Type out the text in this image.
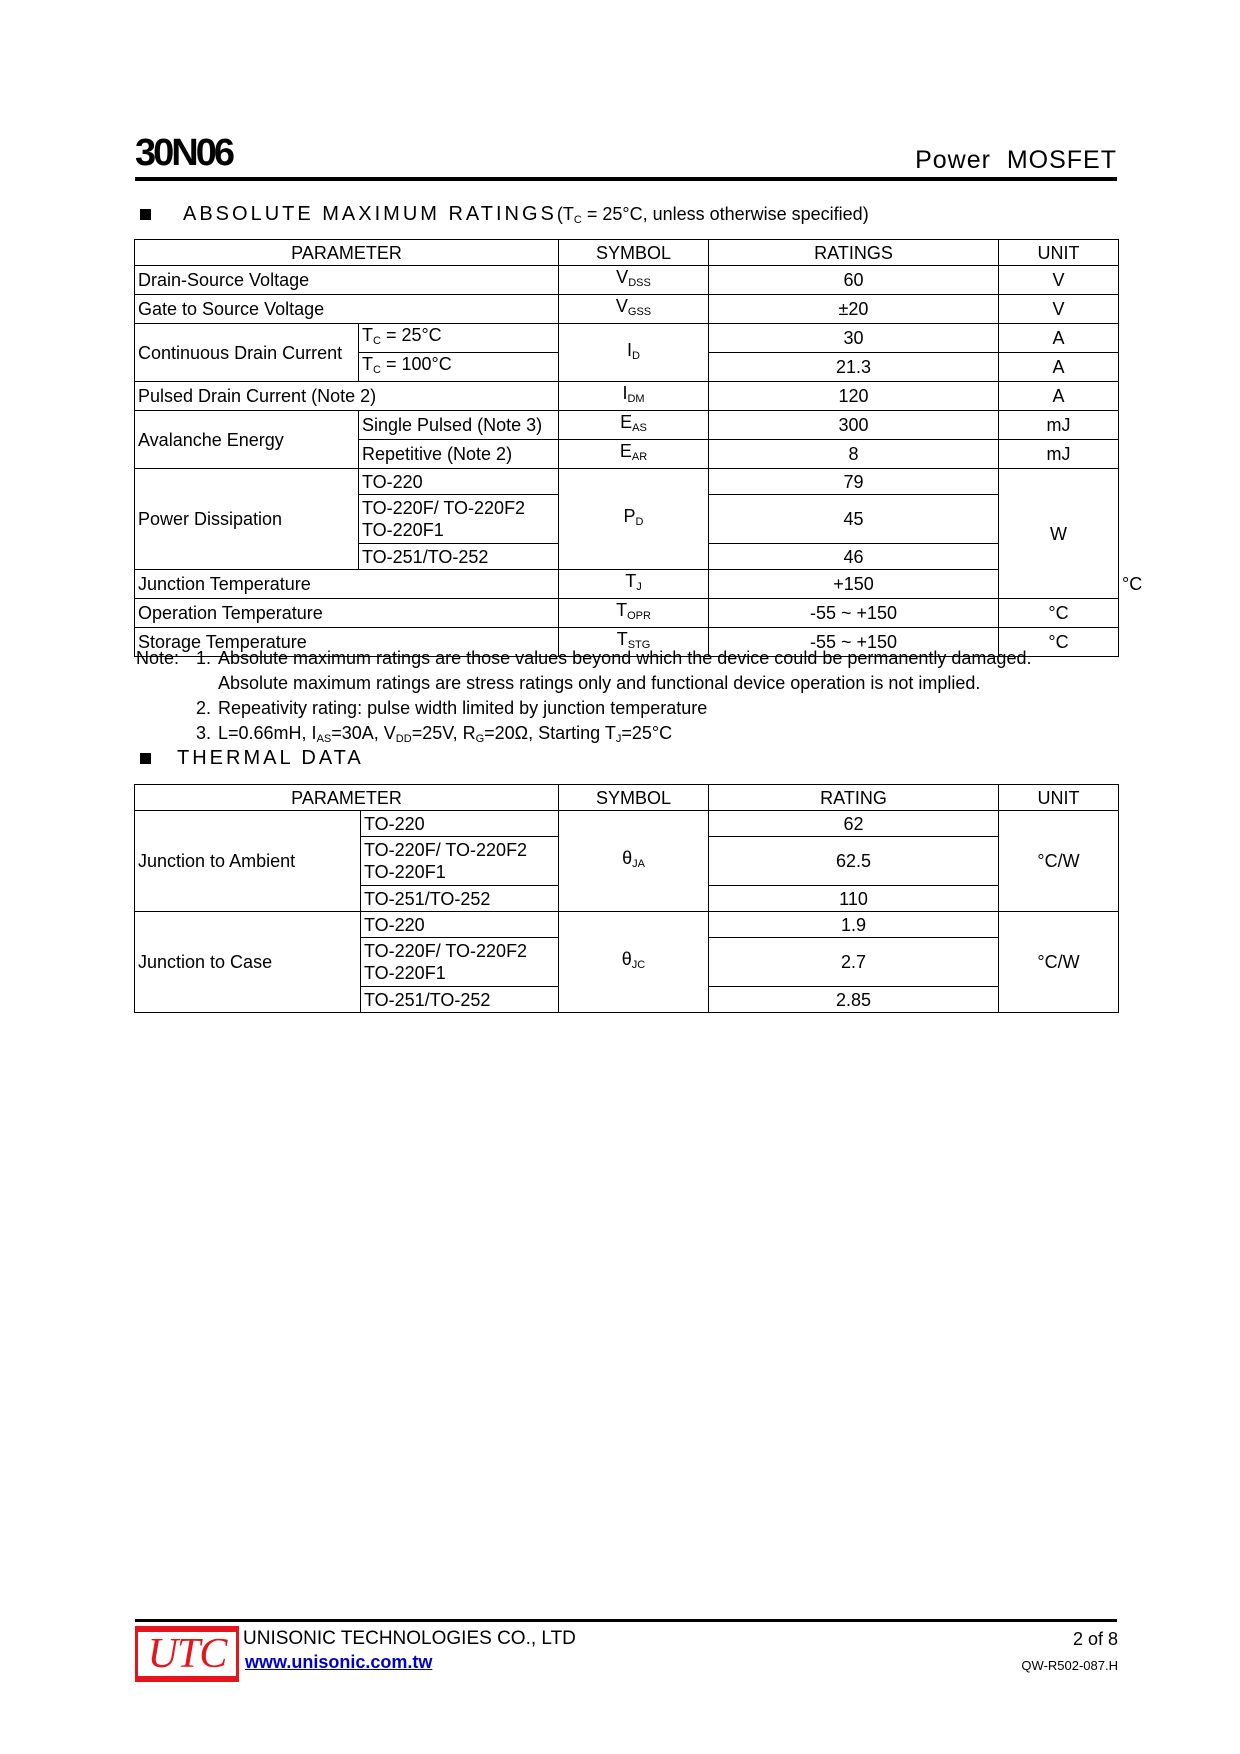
30N06	Power  MOSFET
ABSOLUTE MAXIMUM RATINGS ($T_C = 25^\circ C$, unless otherwise specified)
PARAMETER		SYMBOL	RATINGS	UNIT	
Drain-Source Voltage		$V_{DSS}$	60	V	
Gate to Source Voltage		$V_{GSS}$	±20	V	
Continuous Drain Current	$T_C = 25^\circ C$	$I_D$	30	A	
	$T_C = 100^\circ C$		21.3	A	
Pulsed Drain Current (Note 2)		$I_{DM}$	120	A	
Avalanche Energy	Single Pulsed (Note 3)	$E_{AS}$	300	mJ	
	Repetitive (Note 2)	$E_{AR}$	8	mJ	
Power Dissipation	TO-220	$P_D$	79	W	
	TO-220F/ TO-220F2 TO-220F1		45		
	TO-251/TO-252		46		
Junction Temperature		$T_J$	+150		°C
Operation Temperature		$T_{OPR}$	-55 ~ +150	°C	
Storage Temperature		$T_{STG}$	-55 ~ +150	°C	
Note: 1. Absolute maximum ratings are those values beyond which the device could be permanently damaged.
Absolute maximum ratings are stress ratings only and functional device operation is not implied.
2. Repeativity rating: pulse width limited by junction temperature
3. L=0.66mH, $I_{AS}=30A$, $V_{DD}=25V$, $R_G=20\Omega$, Starting $T_J=25^\circ C$
THERMAL DATA
PARAMETER		SYMBOL	RATING	UNIT
Junction to Ambient	TO-220	$\theta_{JA}$	62	°C/W
	TO-220F/ TO-220F2 TO-220F1		62.5	
	TO-251/TO-252		110	
Junction to Case	TO-220	$\theta_{JC}$	1.9	°C/W
	TO-220F/ TO-220F2 TO-220F1		2.7	
	TO-251/TO-252		2.85	
UTC UNISONIC TECHNOLOGIES CO., LTD
www.unisonic.com.tw
2 of 8
QW-R502-087.H
